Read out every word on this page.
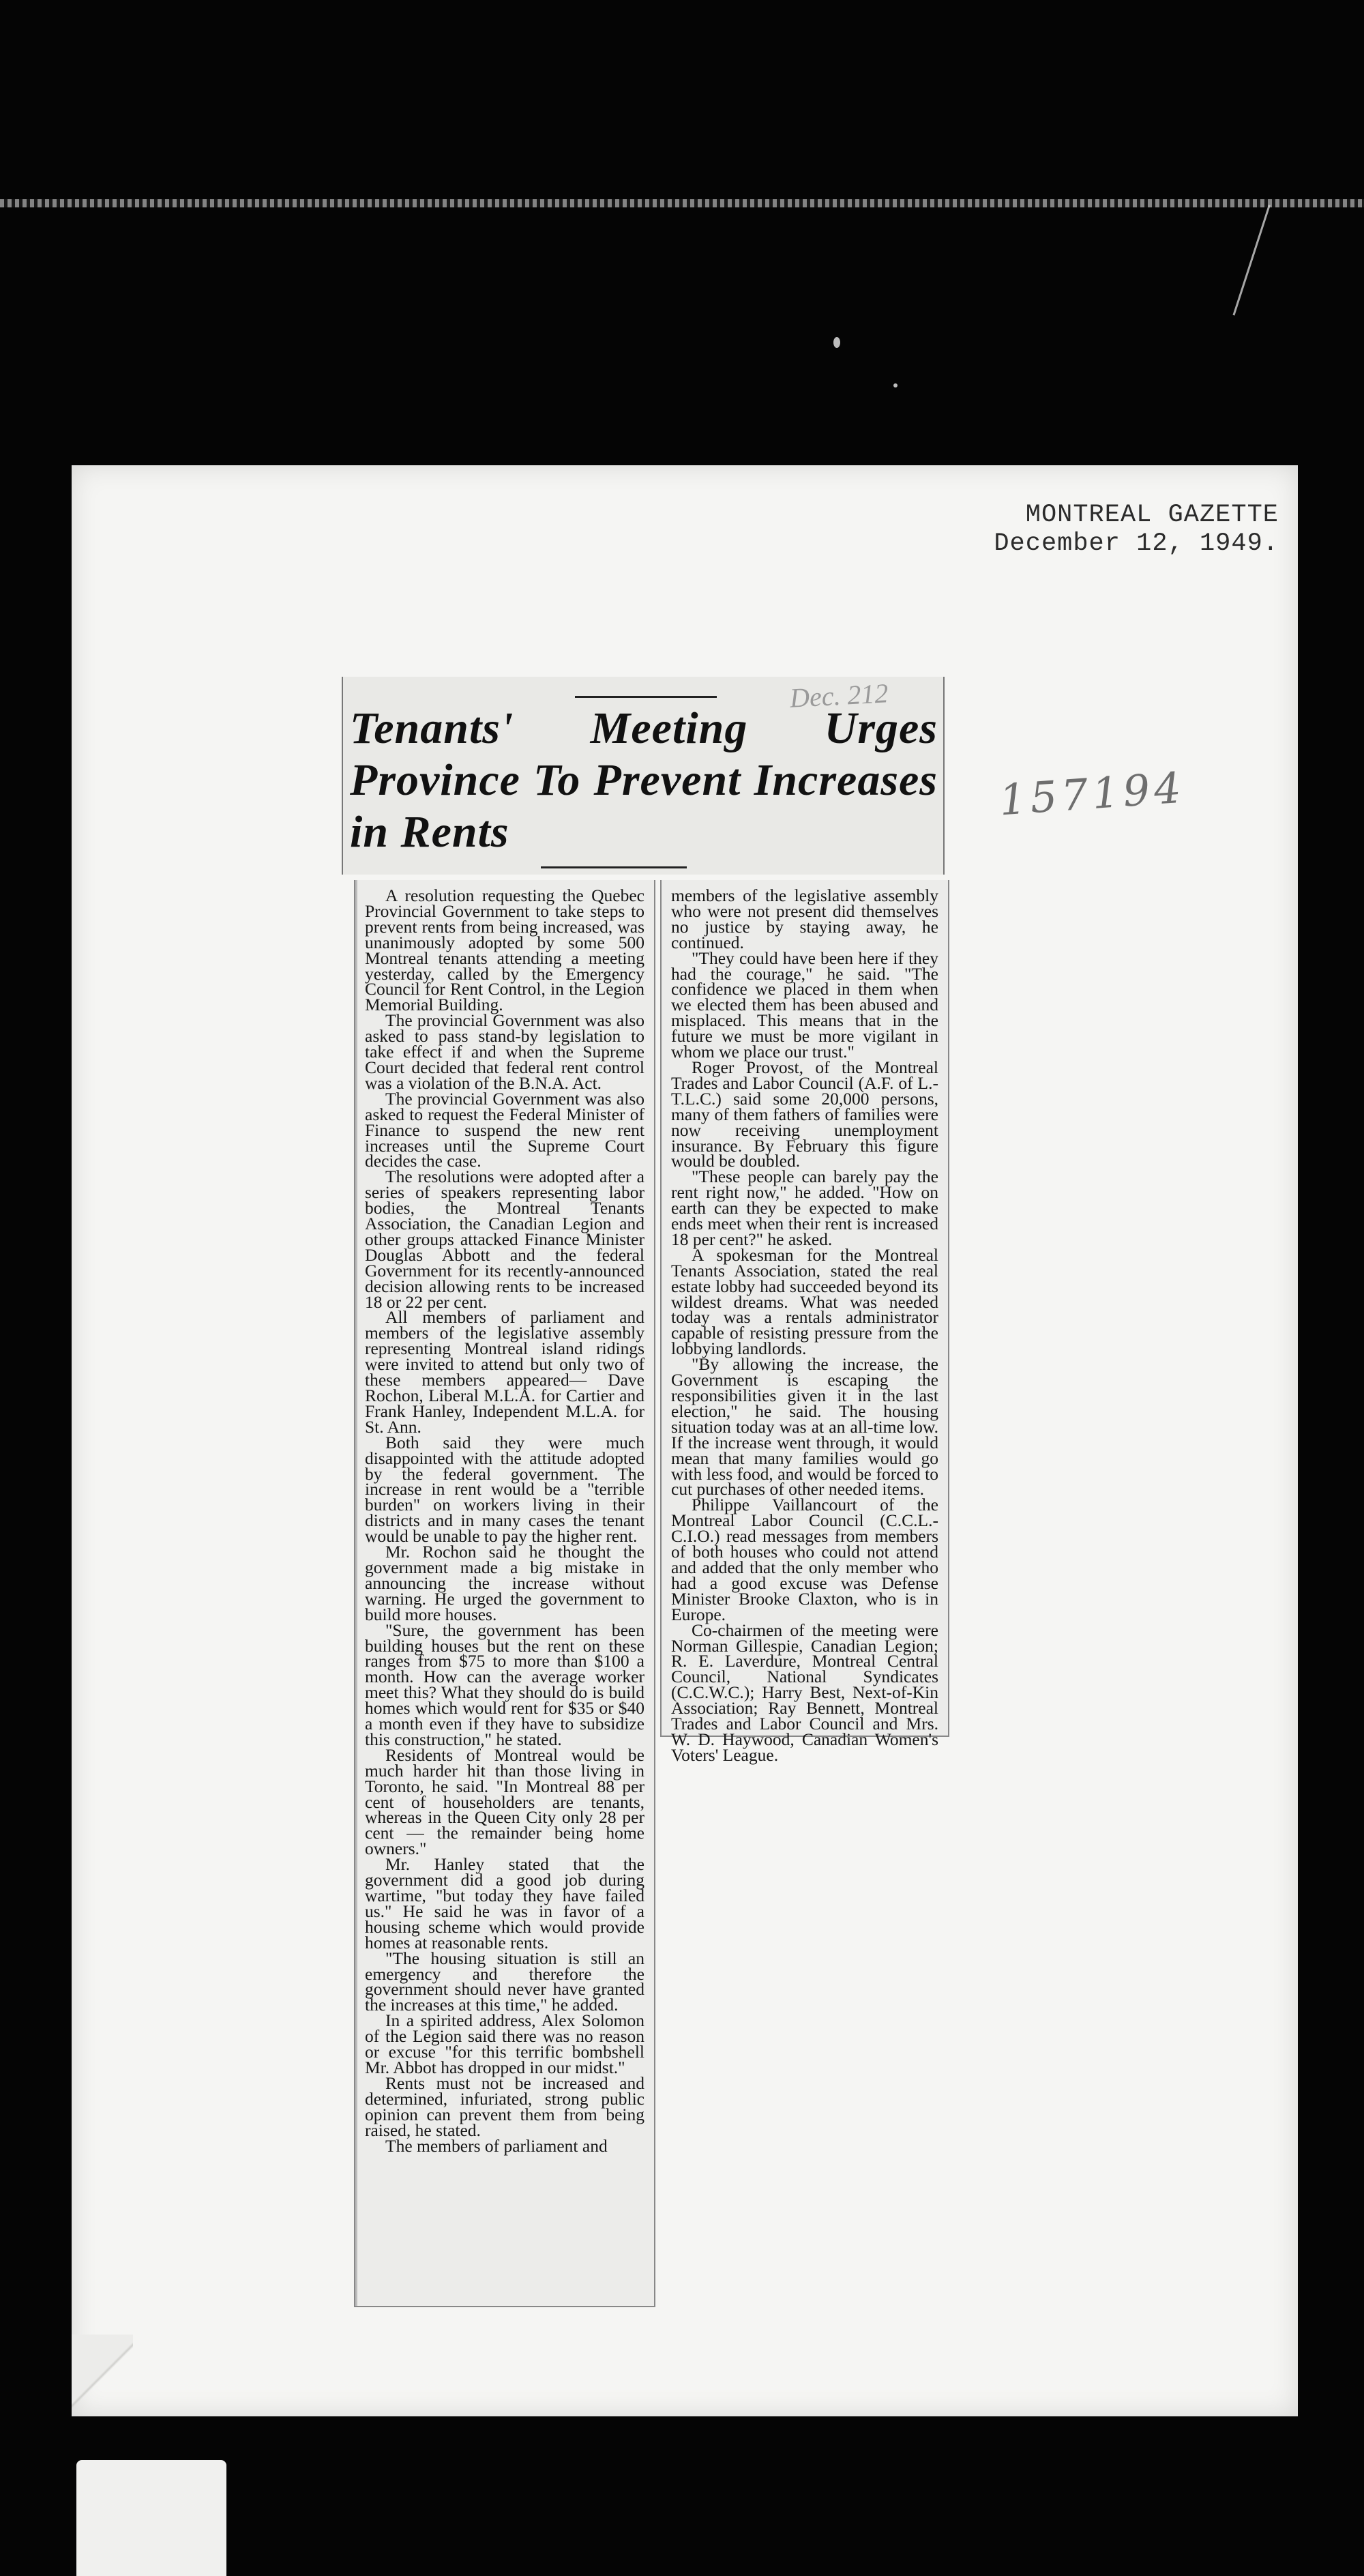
MONTREAL GAZETTE
December 12, 1949.
157194
Dec. 212
Tenants' Meeting Urges Province To Prevent Increases in Rents

A resolution requesting the Quebec Provincial Government to take steps to prevent rents from being increased, was unanimously adopted by some 500 Montreal tenants attending a meeting yesterday, called by the Emergency Council for Rent Control, in the Legion Memorial Building.

The provincial Government was also asked to pass stand-by legislation to take effect if and when the Supreme Court decided that federal rent control was a violation of the B.N.A. Act.

The provincial Government was also asked to request the Federal Minister of Finance to suspend the new rent increases until the Supreme Court decides the case.

The resolutions were adopted after a series of speakers representing labor bodies, the Montreal Tenants Association, the Canadian Legion and other groups attacked Finance Minister Douglas Abbott and the federal Government for its recently-announced decision allowing rents to be increased 18 or 22 per cent.

All members of parliament and members of the legislative assembly representing Montreal island ridings were invited to attend but only two of these members appeared— Dave Rochon, Liberal M.L.A. for Cartier and Frank Hanley, Independent M.L.A. for St. Ann.

Both said they were much disappointed with the attitude adopted by the federal government. The increase in rent would be a "terrible burden" on workers living in their districts and in many cases the tenant would be unable to pay the higher rent.

Mr. Rochon said he thought the government made a big mistake in announcing the increase without warning. He urged the government to build more houses.

"Sure, the government has been building houses but the rent on these ranges from $75 to more than $100 a month. How can the average worker meet this? What they should do is build homes which would rent for $35 or $40 a month even if they have to subsidize this construction," he stated.

Residents of Montreal would be much harder hit than those living in Toronto, he said. "In Montreal 88 per cent of householders are tenants, whereas in the Queen City only 28 per cent — the remainder being home owners."

Mr. Hanley stated that the government did a good job during wartime, "but today they have failed us." He said he was in favor of a housing scheme which would provide homes at reasonable rents.

"The housing situation is still an emergency and therefore the government should never have granted the increases at this time," he added.

In a spirited address, Alex Solomon of the Legion said there was no reason or excuse "for this terrific bombshell Mr. Abbot has dropped in our midst."

Rents must not be increased and determined, infuriated, strong public opinion can prevent them from being raised, he stated.

The members of parliament and

members of the legislative assembly who were not present did themselves no justice by staying away, he continued.

"They could have been here if they had the courage," he said. "The confidence we placed in them when we elected them has been abused and misplaced. This means that in the future we must be more vigilant in whom we place our trust."

Roger Provost, of the Montreal Trades and Labor Council (A.F. of L.-T.L.C.) said some 20,000 persons, many of them fathers of families were now receiving unemployment insurance. By February this figure would be doubled.

"These people can barely pay the rent right now," he added. "How on earth can they be expected to make ends meet when their rent is increased 18 per cent?" he asked.

A spokesman for the Montreal Tenants Association, stated the real estate lobby had succeeded beyond its wildest dreams. What was needed today was a rentals administrator capable of resisting pressure from the lobbying landlords.

"By allowing the increase, the Government is escaping the responsibilities given it in the last election," he said. The housing situation today was at an all-time low. If the increase went through, it would mean that many families would go with less food, and would be forced to cut purchases of other needed items.

Philippe Vaillancourt of the Montreal Labor Council (C.C.L.-C.I.O.) read messages from members of both houses who could not attend and added that the only member who had a good excuse was Defense Minister Brooke Claxton, who is in Europe.

Co-chairmen of the meeting were Norman Gillespie, Canadian Legion; R. E. Laverdure, Montreal Central Council, National Syndicates (C.C.W.C.); Harry Best, Next-of-Kin Association; Ray Bennett, Montreal Trades and Labor Council and Mrs. W. D. Haywood, Canadian Women's Voters' League.
